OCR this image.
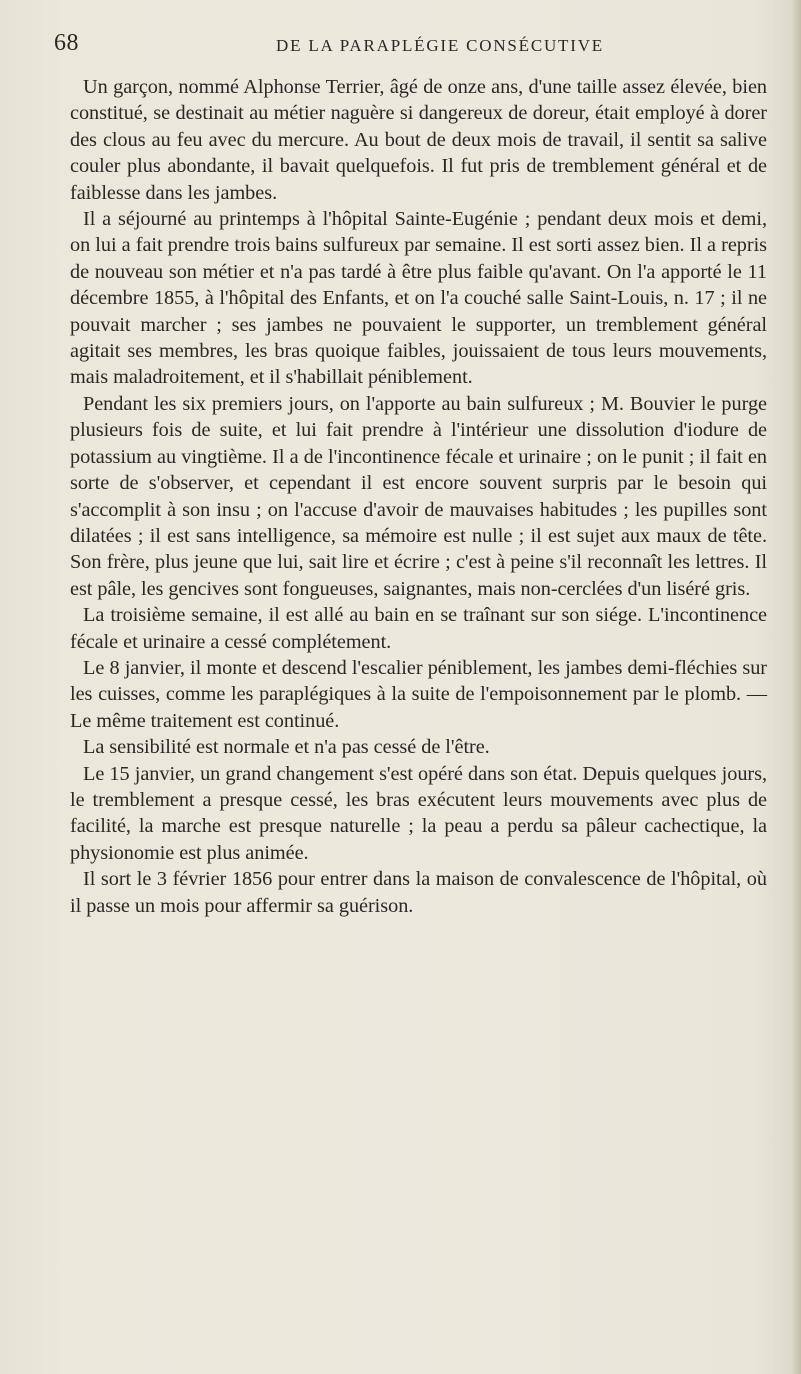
68	DE LA PARAPLÉGIE CONSÉCUTIVE

Un garçon, nommé Alphonse Terrier, âgé de onze ans, d'une taille assez élevée, bien constitué, se destinait au métier naguère si dangereux de doreur, était employé à dorer des clous au feu avec du mercure. Au bout de deux mois de travail, il sentit sa salive couler plus abondante, il bavait quelquefois. Il fut pris de tremblement général et de faiblesse dans les jambes.

Il a séjourné au printemps à l'hôpital Sainte-Eugénie ; pendant deux mois et demi, on lui a fait prendre trois bains sulfureux par semaine. Il est sorti assez bien. Il a repris de nouveau son métier et n'a pas tardé à être plus faible qu'avant. On l'a apporté le 11 décembre 1855, à l'hôpital des Enfants, et on l'a couché salle Saint-Louis, n. 17 ; il ne pouvait marcher ; ses jambes ne pouvaient le supporter, un tremblement général agitait ses membres, les bras quoique faibles, jouissaient de tous leurs mouvements, mais maladroitement, et il s'habillait péniblement.

Pendant les six premiers jours, on l'apporte au bain sulfureux ; M. Bouvier le purge plusieurs fois de suite, et lui fait prendre à l'intérieur une dissolution d'iodure de potassium au vingtième. Il a de l'incontinence fécale et urinaire ; on le punit ; il fait en sorte de s'observer, et cependant il est encore souvent surpris par le besoin qui s'accomplit à son insu ; on l'accuse d'avoir de mauvaises habitudes ; les pupilles sont dilatées ; il est sans intelligence, sa mémoire est nulle ; il est sujet aux maux de tête. Son frère, plus jeune que lui, sait lire et écrire ; c'est à peine s'il reconnaît les lettres. Il est pâle, les gencives sont fongueuses, saignantes, mais non-cerclées d'un liséré gris.

La troisième semaine, il est allé au bain en se traînant sur son siége. L'incontinence fécale et urinaire a cessé complétement.

Le 8 janvier, il monte et descend l'escalier péniblement, les jambes demi-fléchies sur les cuisses, comme les paraplégiques à la suite de l'empoisonnement par le plomb. — Le même traitement est continué.

La sensibilité est normale et n'a pas cessé de l'être.

Le 15 janvier, un grand changement s'est opéré dans son état. Depuis quelques jours, le tremblement a presque cessé, les bras exécutent leurs mouvements avec plus de facilité, la marche est presque naturelle ; la peau a perdu sa pâleur cachectique, la physionomie est plus animée.

Il sort le 3 février 1856 pour entrer dans la maison de convalescence de l'hôpital, où il passe un mois pour affermir sa guérison.
